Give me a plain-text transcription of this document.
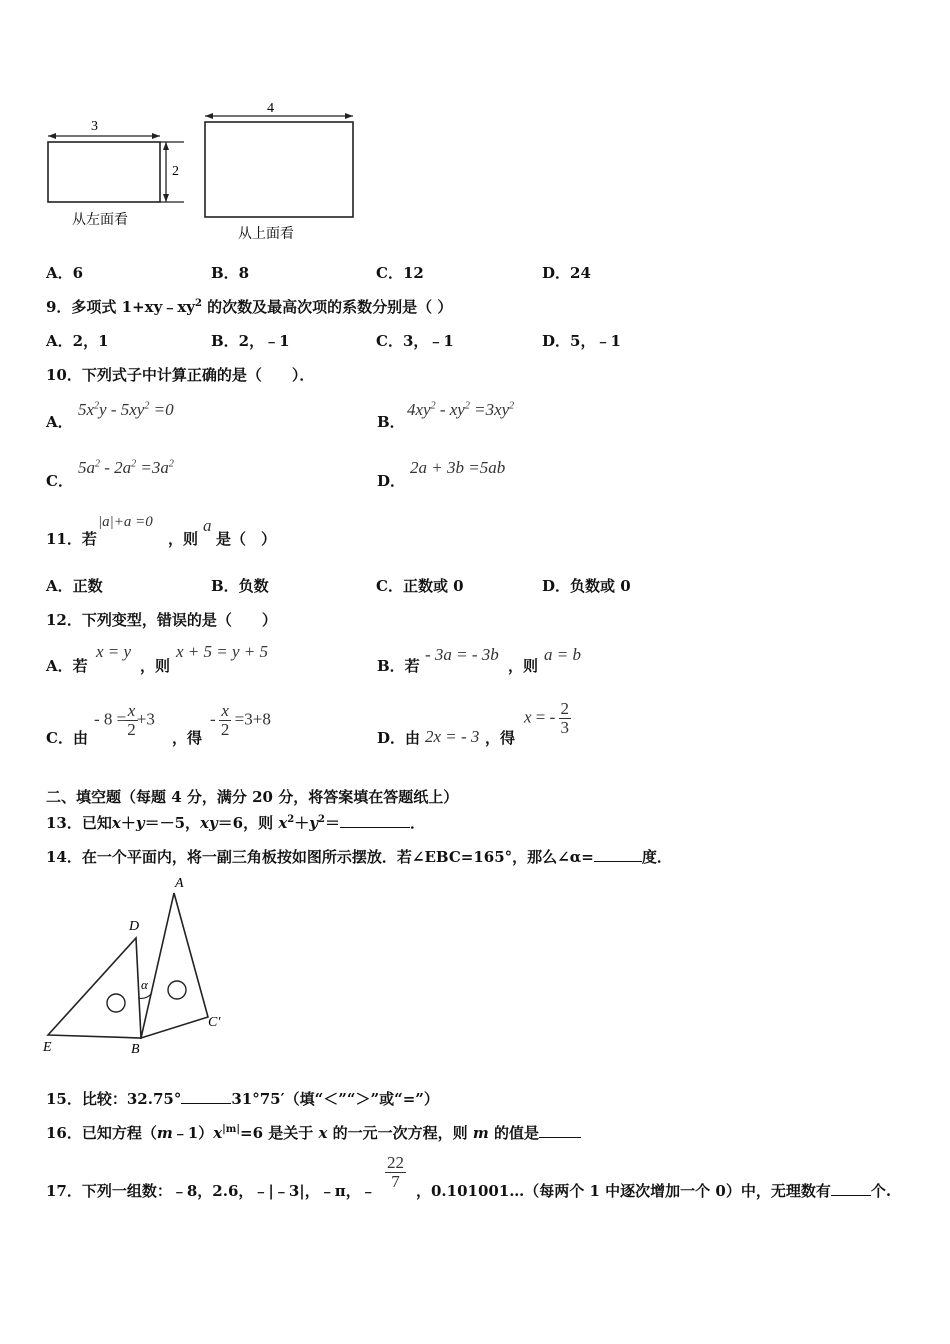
3
2
从左面看
4
从上面看
A．6	B．8	C．12	D．24
9．多项式 $1+xy﹣xy^2$ 的次数及最高次项的系数分别是（ ）
A．2，1	B．2，﹣1	C．3，﹣1	D．5，﹣1
10．下列式子中计算正确的是（　　）．
A．
$5x^2y - 5xy^2 =0$
B．
$4xy^2 - xy^2 =3xy^2$
C．
$5a^2 - 2a^2 =3a^2$
D．
2a + 3b =5ab
11．若
|a|+a =0
，则
a
是（　）
A．正数	B．负数	C．正数或 0	D．负数或 0
12．下列变型，错误的是（　　）
A．若
x = y
，则
x + 5 = y + 5
B．若
- 3a = - 3b
，则
a = b
C．由
- $8 = \frac{x}{2} +3$
，得
- $\frac{x}{2} =3+8$
D．由 2x = - 3 ，得
x = - $\frac{2}{3}$
二、填空题（每题 4 分，满分 20 分，将答案填在答题纸上）
13．已知x＋y＝－5，xy＝6，则 $x^2+y^2=$	．
14．在一个平面内，将一副三角板按如图所示摆放．若∠EBC=165°，那么∠α=	度．
A
D
α
C′
E	B
15．比较：32.75°	31°75′（填“＜”“＞”或“=”）
16．已知方程$(m﹣1)x^{|m|}=6$ 是关于 x 的一元一次方程，则 m 的值是
17．下列一组数：﹣8，2.6，﹣|﹣3|，﹣π，﹣
$\frac{22}{7}$
，0.101001…（每两个 1 中逐次增加一个 0）中，无理数有	个.
